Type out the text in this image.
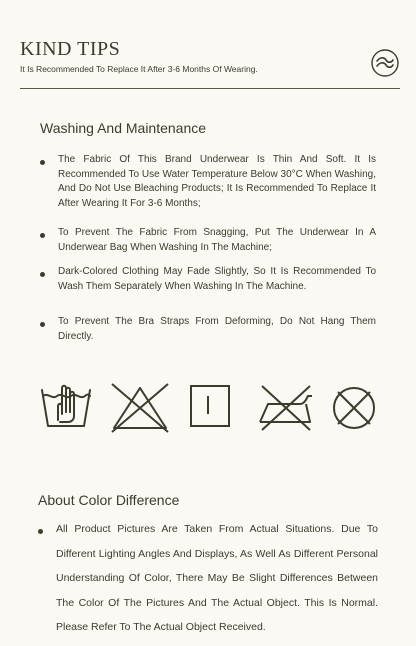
KIND TIPS
It Is Recommended To Replace It After 3-6 Months Of Wearing.
Washing And Maintenance
The Fabric Of This Brand Underwear Is Thin And Soft. It Is Recommended To Use Water Temperature Below 30°C When Washing, And Do Not Use Bleaching Products; It Is Recommended To Replace It After Wearing It For 3-6 Months;
To Prevent The Fabric From Snagging, Put The Underwear In A Underwear Bag When Washing In The Machine;
Dark-Colored Clothing May Fade Slightly, So It Is Recommended To Wash Them Separately When Washing In The Machine.
To Prevent The Bra Straps From Deforming, Do Not Hang Them Directly.
About Color Difference
All Product Pictures Are Taken From Actual Situations. Due To Different Lighting Angles And Displays, As Well As Different Personal Understanding Of Color, There May Be Slight Differences Between The Color Of The Pictures And The Actual Object. This Is Normal. Please Refer To The Actual Object Received.
